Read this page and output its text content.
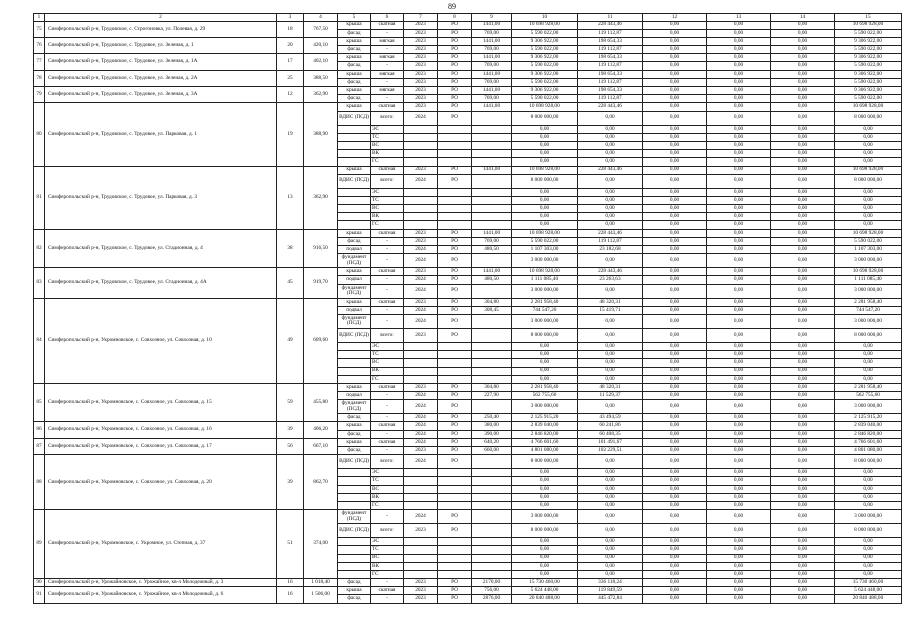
89
1	2	3	4	5	6	7	8	9	10	11	12	13	14	15
75	Симферопольский р-н, Трудовское, с. Строгоновка, ул. Полевая, д. 29	18	767,50	крыша	скатная	2023	РО	1441,00	10 698 928,00	228 443,46	0,00	0,00	0,00	10 698 928,00
				фасад	-	2023	РО	769,00	5 590 022,00	119 112,87	0,00	0,00	0,00	5 590 022,00
76	Симферопольский р-н, Трудовское, с. Трудовое, ул. Зеленая, д. 1	20	420,10	крыша	мягкая	2023	РО	1441,00	9 306 922,00	198 654,33	0,00	0,00	0,00	9 306 922,00
				фасад	-	2023	РО	769,00	5 590 022,00	119 112,87	0,00	0,00	0,00	5 590 022,00
77	Симферопольский р-н, Трудовское, с. Трудовое, ул. Зеленая, д. 1А	17	402,10	крыша	мягкая	2023	РО	1441,00	9 306 922,00	198 654,33	0,00	0,00	0,00	9 306 922,00
				фасад	-	2023	РО	769,00	5 590 022,00	119 112,87	0,00	0,00	0,00	5 590 022,00
78	Симферопольский р-н, Трудовское, с. Трудовое, ул. Зеленая, д. 2А	25	388,50	крыша	мягкая	2023	РО	1441,00	9 306 922,00	198 654,33	0,00	0,00	0,00	9 306 922,00
				фасад	-	2023	РО	769,00	5 590 022,00	119 112,87	0,00	0,00	0,00	5 590 022,00
79	Симферопольский р-н, Трудовское, с. Трудовое, ул. Зеленая, д. 3А	12	362,90	крыша	мягкая	2023	РО	1441,00	9 306 922,00	198 654,33	0,00	0,00	0,00	9 306 922,00
				фасад	-	2023	РО	769,00	5 590 022,00	119 112,87	0,00	0,00	0,00	5 590 022,00
80	Симферопольский р-н, Трудовское, с. Трудовое, ул. Парковая, д. 1	19	388,90	крыша	скатная	2023	РО	1441,00	10 698 928,00	228 443,46	0,00	0,00	0,00	10 698 928,00
				ВДИС (ПСД)	всего:	2024	РО		8 000 000,00	0,00	0,00	0,00	0,00	8 000 000,00
					ЭС				0,00	0,00	0,00	0,00	0,00	0,00
					ТС				0,00	0,00	0,00	0,00	0,00	0,00
					ВС				0,00	0,00	0,00	0,00	0,00	0,00
					ВК				0,00	0,00	0,00	0,00	0,00	0,00
					ГС				0,00	0,00	0,00	0,00	0,00	0,00
81	Симферопольский р-н, Трудовское, с. Трудовое, ул. Парковая, д. 3	13	362,90	крыша	скатная	2023	РО	1441,00	10 698 928,00	228 443,46	0,00	0,00	0,00	10 698 928,00
				ВДИС (ПСД)	всего:	2024	РО		8 000 000,00	0,00	0,00	0,00	0,00	8 000 000,00
					ЭС				0,00	0,00	0,00	0,00	0,00	0,00
					ТС				0,00	0,00	0,00	0,00	0,00	0,00
					ВС				0,00	0,00	0,00	0,00	0,00	0,00
					ВК				0,00	0,00	0,00	0,00	0,00	0,00
					ГС				0,00	0,00	0,00	0,00	0,00	0,00
82	Симферопольский р-н, Трудовское, с. Трудовое, ул. Стадионная, д. 4	38	916,50	крыша	скатная	2023	РО	1441,00	10 698 928,00	228 443,46	0,00	0,00	0,00	10 698 928,00
				фасад	-	2023	РО	769,00	5 590 022,00	119 112,87	0,00	0,00	0,00	5 590 022,00
				подвал	-	2024	РО	480,50	1 107 303,00	23 182,68	0,00	0,00	0,00	1 107 303,00
				фундамент (ПСД)	-	2024	РО		3 000 000,00	0,00	0,00	0,00	0,00	3 000 000,00
83	Симферопольский р-н, Трудовское, с. Трудовое, ул. Стадионная, д. 4А	45	919,70	крыша	скатная	2023	РО	1441,00	10 698 928,00	228 443,46	0,00	0,00	0,00	10 698 928,00
				подвал	-	2024	РО	480,50	1 111 085,40	23 263,63	0,00	0,00	0,00	1 111 085,40
				фундамент (ПСД)	-	2024	РО		3 000 000,00	0,00	0,00	0,00	0,00	3 000 000,00
84	Симферопольский р-н, Укромновское, с. Совхозное, ул. Совхозная, д. 10	49	609,60	крыша	скатная	2023	РО	304,80	2 281 958,40	48 320,31	0,00	0,00	0,00	2 281 958,40
				подвал	-	2024	РО	308,45	744 547,20	15 419,71	0,00	0,00	0,00	744 547,20
				фундамент (ПСД)	-	2024	РО		3 000 000,00	0,00	0,00	0,00	0,00	3 000 000,00
				ВДИС (ПСД)	всего:	2023	РО		8 000 000,00	0,00	0,00	0,00	0,00	8 000 000,00
					ЭС				0,00	0,00	0,00	0,00	0,00	0,00
					ТС				0,00	0,00	0,00	0,00	0,00	0,00
					ВС				0,00	0,00	0,00	0,00	0,00	0,00
					ВК				0,00	0,00	0,00	0,00	0,00	0,00
					ГС				0,00	0,00	0,00	0,00	0,00	0,00
85	Симферопольский р-н, Укромновское, с. Совхозное, ул. Совхозная, д. 15	59	455,80	крыша	скатная	2023	РО	304,80	2 281 958,40	48 320,31	0,00	0,00	0,00	2 281 958,40
				подвал	-	2024	РО	227,90	562 755,60	11 529,37	0,00	0,00	0,00	562 755,60
				фундамент (ПСД)	-	2024	РО		3 000 000,00	0,00	0,00	0,00	0,00	3 000 000,00
				фасад	-	2024	РО	250,40	2 125 915,20	43 494,59	0,00	0,00	0,00	2 125 915,20
86	Симферопольский р-н, Укромновское, с. Совхозное, ул. Совхозная, д. 16	39	406,20	крыша	скатная	2024	РО	380,00	2 839 040,00	60 241,86	0,00	0,00	0,00	2 839 040,00
				фасад	-	2024	РО	390,00	2 846 820,00	60 408,35	0,00	0,00	0,00	2 846 820,00
87	Симферопольский р-н, Укромновское, с. Совхозное, ул. Совхозная, д. 17	56	667,10	крыша	скатная	2024	РО	640,20	4 766 601,60	101 491,67	0,00	0,00	0,00	4 766 601,60
				фасад	-	2023	РО	660,00	4 801 080,00	102 229,51	0,00	0,00	0,00	4 801 080,00
88	Симферопольский р-н, Укромновское, с. Совхозное, ул. Совхозная, д. 20	39	862,70	ВДИС (ПСД)	всего:	2024	РО		8 000 000,00	0,00	0,00	0,00	0,00	8 000 000,00
					ЭС				0,00	0,00	0,00	0,00	0,00	0,00
					ТС				0,00	0,00	0,00	0,00	0,00	0,00
					ВС				0,00	0,00	0,00	0,00	0,00	0,00
					ВК				0,00	0,00	0,00	0,00	0,00	0,00
					ГС				0,00	0,00	0,00	0,00	0,00	0,00
89	Симферопольский р-н, Укромновское, с. Укромное, ул. Степная, д. 37	51	374,00	фундамент (ПСД)	-	2024	РО		3 000 000,00	0,00	0,00	0,00	0,00	3 000 000,00
				ВДИС (ПСД)	всего:	2023	РО		8 000 000,00	0,00	0,00	0,00	0,00	8 000 000,00
					ЭС				0,00	0,00	0,00	0,00	0,00	0,00
					ТС				0,00	0,00	0,00	0,00	0,00	0,00
					ВС				0,00	0,00	0,00	0,00	0,00	0,00
					ВК				0,00	0,00	0,00	0,00	0,00	0,00
					ГС				0,00	0,00	0,00	0,00	0,00	0,00
90	Симферопольский р-н, Урожайновское, с. Урожайное, кв-л Молодежный, д. 3	16	1 018,40	фасад	-	2023	РО	2170,00	15 730 460,00	336 118,24	0,00	0,00	0,00	15 730 460,00
91	Симферопольский р-н, Урожайновское, с. Урожайное, кв-л Молодежный, д. 6	16	1 506,00	крыша	скатная	2023	РО	756,00	5 624 448,00	119 849,59	0,00	0,00	0,00	5 624 448,00
				фасад	-	2023	РО	2876,00	20 840 488,00	445 472,84	0,00	0,00	0,00	20 840 488,00
